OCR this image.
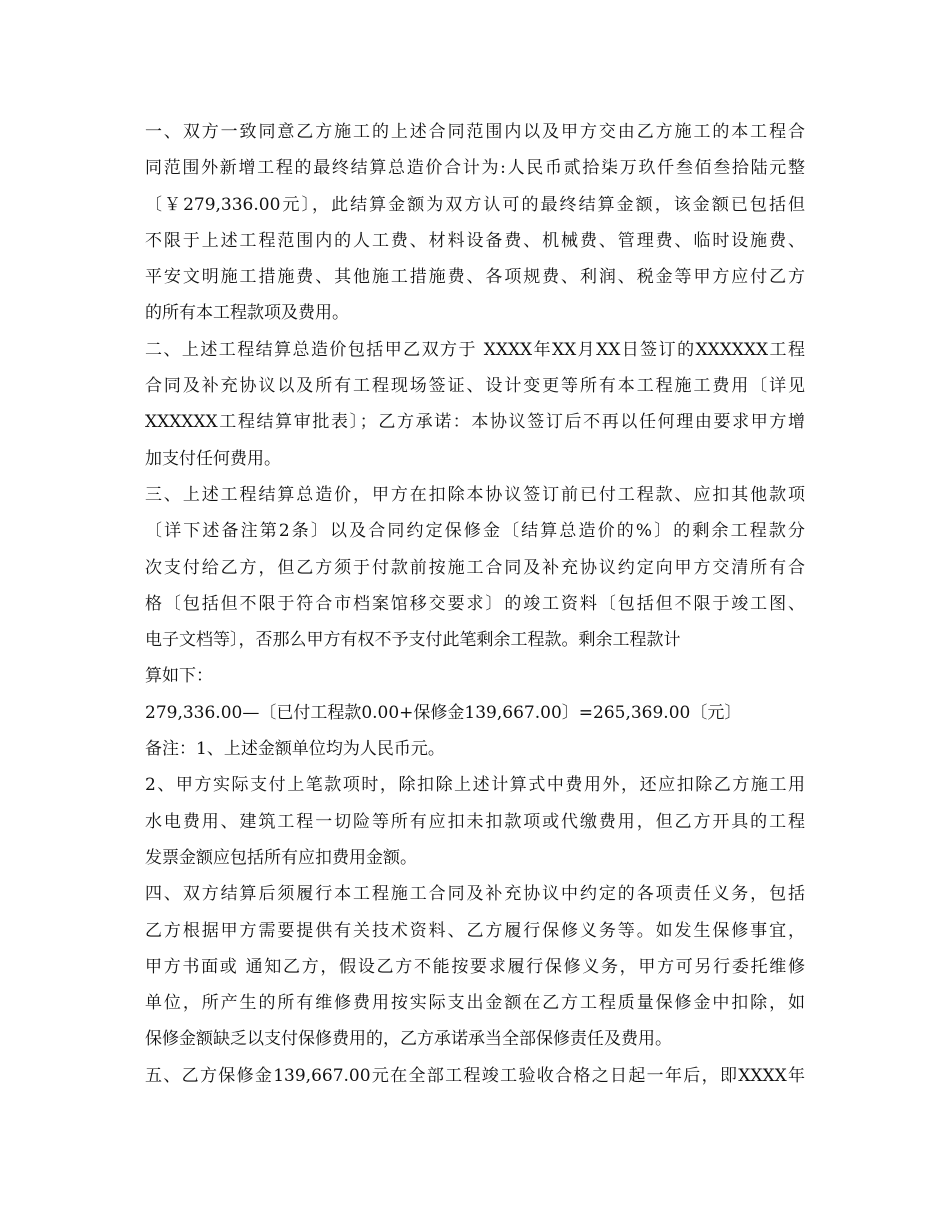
一、双方一致同意乙方施工的上述合同范围内以及甲方交由乙方施工的本工程合
同范围外新增工程的最终结算总造价合计为:人民币贰拾柒万玖仟叁佰叁拾陆元整
〔￥279,336.00元〕，此结算金额为双方认可的最终结算金额，该金额已包括但
不限于上述工程范围内的人工费、材料设备费、机械费、管理费、临时设施费、
平安文明施工措施费、其他施工措施费、各项规费、利润、税金等甲方应付乙方
的所有本工程款项及费用。
二、上述工程结算总造价包括甲乙双方于 XXXX年XX月XX日签订的XXXXXX工程
合同及补充协议以及所有工程现场签证、设计变更等所有本工程施工费用〔详见
XXXXXX工程结算审批表〕；乙方承诺：本协议签订后不再以任何理由要求甲方增
加支付任何费用。
三、上述工程结算总造价，甲方在扣除本协议签订前已付工程款、应扣其他款项
〔详下述备注第2条〕以及合同约定保修金〔结算总造价的%〕的剩余工程款分
次支付给乙方，但乙方须于付款前按施工合同及补充协议约定向甲方交清所有合
格〔包括但不限于符合市档案馆移交要求〕的竣工资料〔包括但不限于竣工图、
电子文档等〕，否那么甲方有权不予支付此笔剩余工程款。剩余工程款计
算如下：
279,336.00—〔已付工程款0.00+保修金139,667.00〕=265,369.00〔元〕
备注：1、上述金额单位均为人民币元。
2、甲方实际支付上笔款项时，除扣除上述计算式中费用外，还应扣除乙方施工用
水电费用、建筑工程一切险等所有应扣未扣款项或代缴费用，但乙方开具的工程
发票金额应包括所有应扣费用金额。
四、双方结算后须履行本工程施工合同及补充协议中约定的各项责任义务，包括
乙方根据甲方需要提供有关技术资料、乙方履行保修义务等。如发生保修事宜，
甲方书面或 通知乙方，假设乙方不能按要求履行保修义务，甲方可另行委托维修
单位，所产生的所有维修费用按实际支出金额在乙方工程质量保修金中扣除，如
保修金额缺乏以支付保修费用的，乙方承诺承当全部保修责任及费用。
五、乙方保修金139,667.00元在全部工程竣工验收合格之日起一年后，即XXXX年
